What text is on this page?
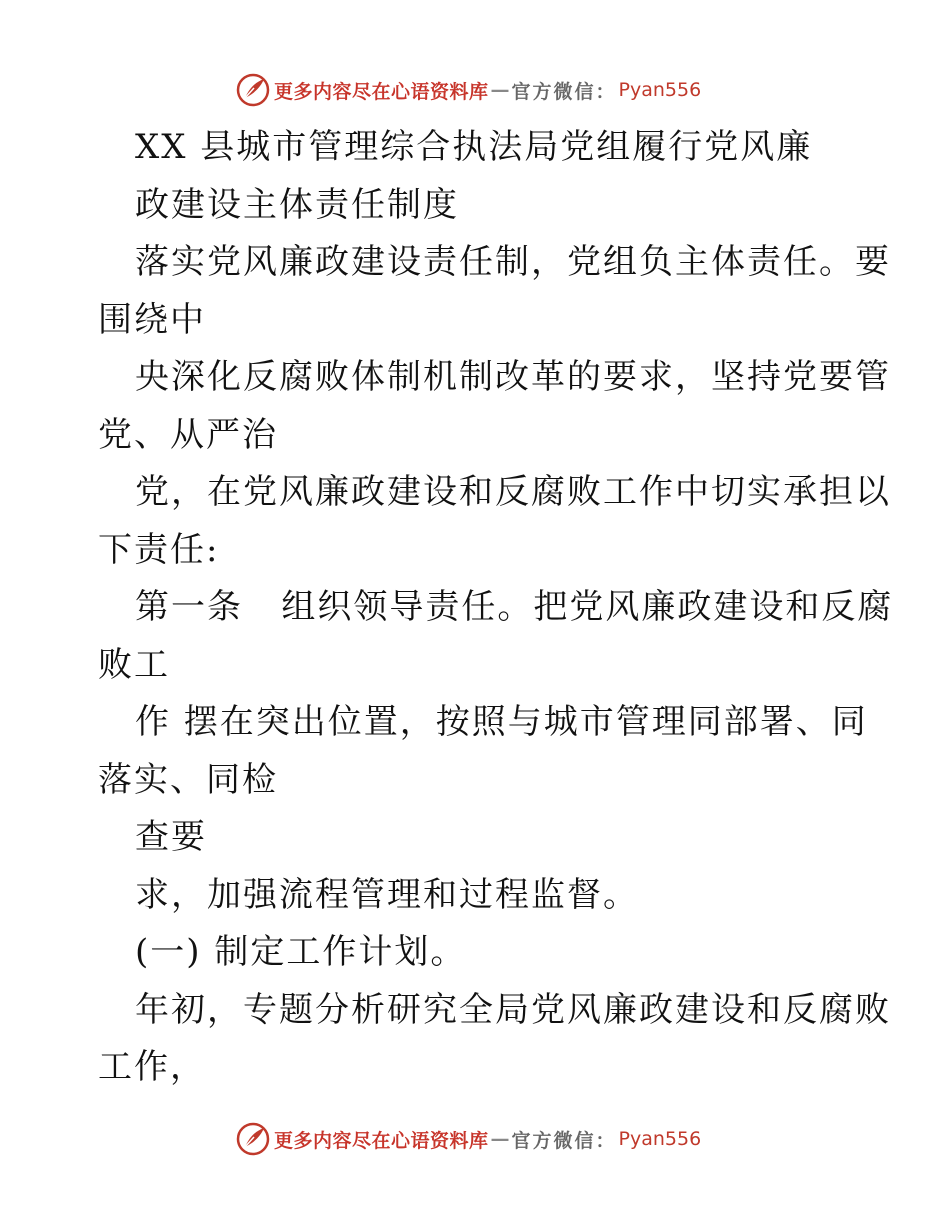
更多内容尽在心语资料库 — 官方微信： Pyan556
XX 县城市管理综合执法局党组履行党风廉
政建设主体责任制度
落实党风廉政建设责任制，党组负主体责任。要
围绕中
央深化反腐败体制机制改革的要求，坚持党要管
党、从严治
党，在党风廉政建设和反腐败工作中切实承担以
下责任:
第一条   组织领导责任。把党风廉政建设和反腐
败工
作 摆在突出位置，按照与城市管理同部署、同
落实、同检
查要
求，加强流程管理和过程监督。
(一) 制定工作计划。
年初，专题分析研究全局党风廉政建设和反腐败
工作，
更多内容尽在心语资料库 — 官方微信： Pyan556
